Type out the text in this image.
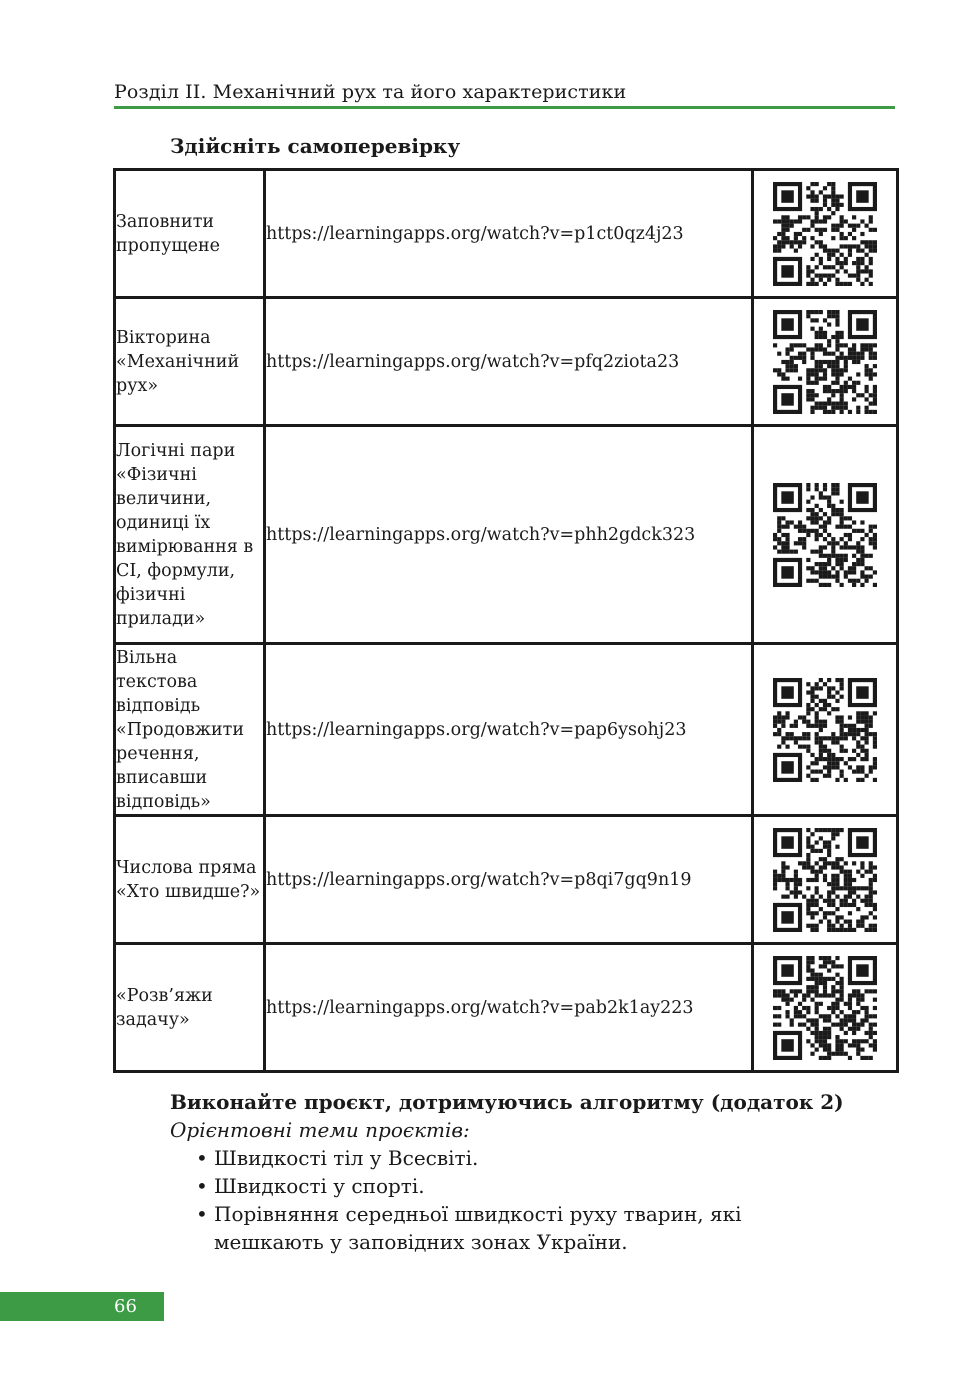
Розділ ІІ. Механічний рух та його характеристики
Здійсніть самоперевірку
Заповнити пропущене	https://learningapps.org/watch?v=p1ct0qz4j23	

Вікторина «Механічний рух»	https://learningapps.org/watch?v=pfq2ziota23	

Логічні пари «Фізичні величини, одиниці їх вимірювання в СІ, формули, фізичні прилади»	https://learningapps.org/watch?v=phh2gdck323	

Вільна текстова відповідь «Продовжити речення, вписавши відповідь»	https://learningapps.org/watch?v=pap6ysohj23	

Числова пряма «Хто швидше?»	https://learningapps.org/watch?v=p8qi7gq9n19	

«Розв’яжи задачу»	https://learningapps.org/watch?v=pab2k1ay223	
Виконайте проєкт, дотримуючись алгоритму (додаток 2)
Орієнтовні теми проєктів:
• Швидкості тіл у Всесвіті.
• Швидкості у спорті.
• Порівняння середньої швидкості руху тварин, які мешкають у заповідних зонах України.
66
